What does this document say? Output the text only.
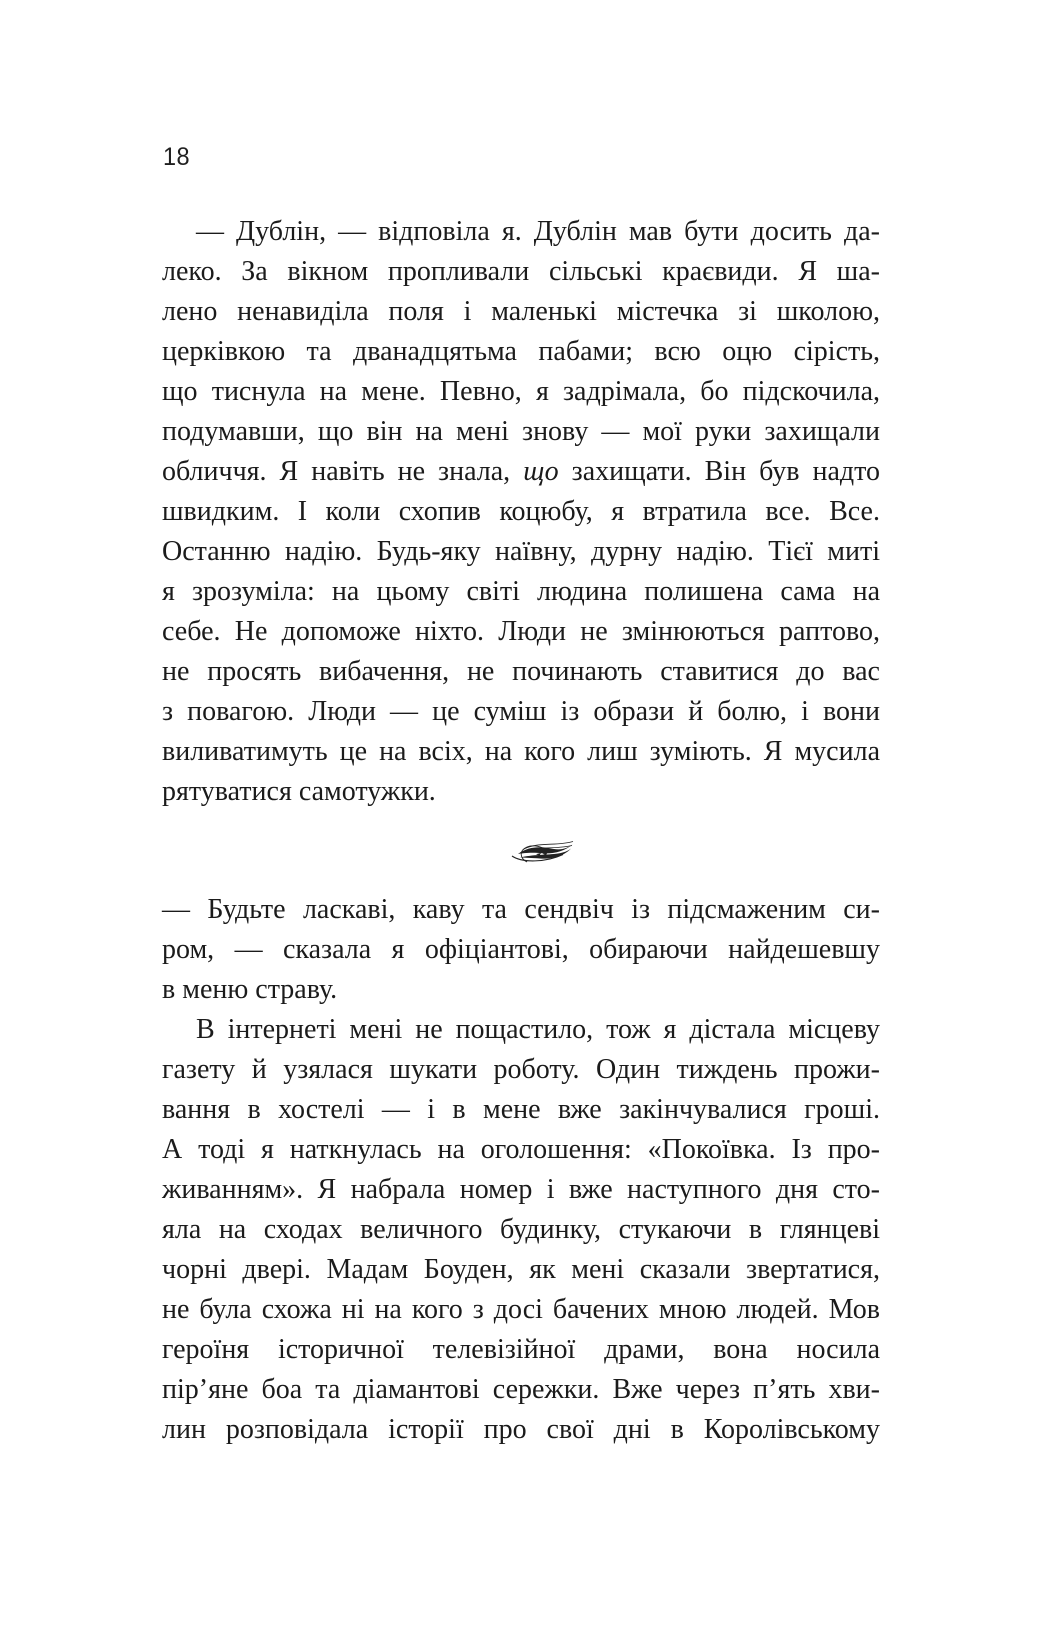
18
— Дублін, — відповіла я. Дублін мав бути досить да-
леко. За вікном пропливали сільські краєвиди. Я ша-
лено ненавиділа поля і маленькі містечка зі школою,
церківкою та дванадцятьма пабами; всю оцю сірість,
що тиснула на мене. Певно, я задрімала, бо підскочила,
подумавши, що він на мені знову — мої руки захищали
обличчя. Я навіть не знала, що захищати. Він був надто
швидким. І коли схопив коцюбу, я втратила все. Все.
Останню надію. Будь-яку наївну, дурну надію. Тієї миті
я зрозуміла: на цьому світі людина полишена сама на
себе. Не допоможе ніхто. Люди не змінюються раптово,
не просять вибачення, не починають ставитися до вас
з повагою. Люди — це суміш із образи й болю, і вони
виливатимуть це на всіх, на кого лиш зуміють. Я мусила
рятуватися самотужки.
— Будьте ласкаві, каву та сендвіч із підсмаженим си-
ром, — сказала я офіціантові, обираючи найдешевшу
в меню страву.
В інтернеті мені не пощастило, тож я дістала місцеву
газету й узялася шукати роботу. Один тиждень прожи-
вання в хостелі — і в мене вже закінчувалися гроші.
А тоді я наткнулась на оголошення: «Покоївка. Із про-
живанням». Я набрала номер і вже наступного дня сто-
яла на сходах величного будинку, стукаючи в глянцеві
чорні двері. Мадам Боуден, як мені сказали звертатися,
не була схожа ні на кого з досі бачених мною людей. Мов
героїня історичної телевізійної драми, вона носила
пір’яне боа та діамантові сережки. Вже через п’ять хви-
лин розповідала історії про свої дні в Королівському
